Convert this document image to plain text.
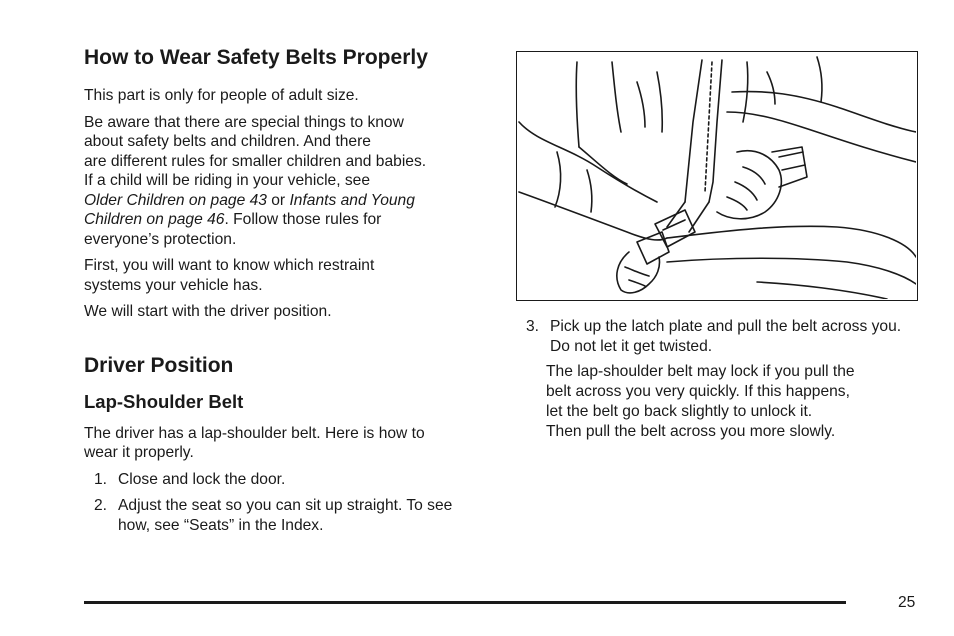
How to Wear Safety Belts Properly

This part is only for people of adult size.

Be aware that there are special things to know
about safety belts and children. And there
are different rules for smaller children and babies.
If a child will be riding in your vehicle, see
Older Children on page 43 or Infants and Young
Children on page 46. Follow those rules for
everyone’s protection.

First, you will want to know which restraint
systems your vehicle has.

We will start with the driver position.

Driver Position
Lap-Shoulder Belt

The driver has a lap-shoulder belt. Here is how to
wear it properly.

1. Close and lock the door.
2. Adjust the seat so you can sit up straight. To see how, see “Seats” in the Index.
3. Pick up the latch plate and pull the belt across you. Do not let it get twisted.

The lap-shoulder belt may lock if you pull the
belt across you very quickly. If this happens,
let the belt go back slightly to unlock it.
Then pull the belt across you more slowly.

25
